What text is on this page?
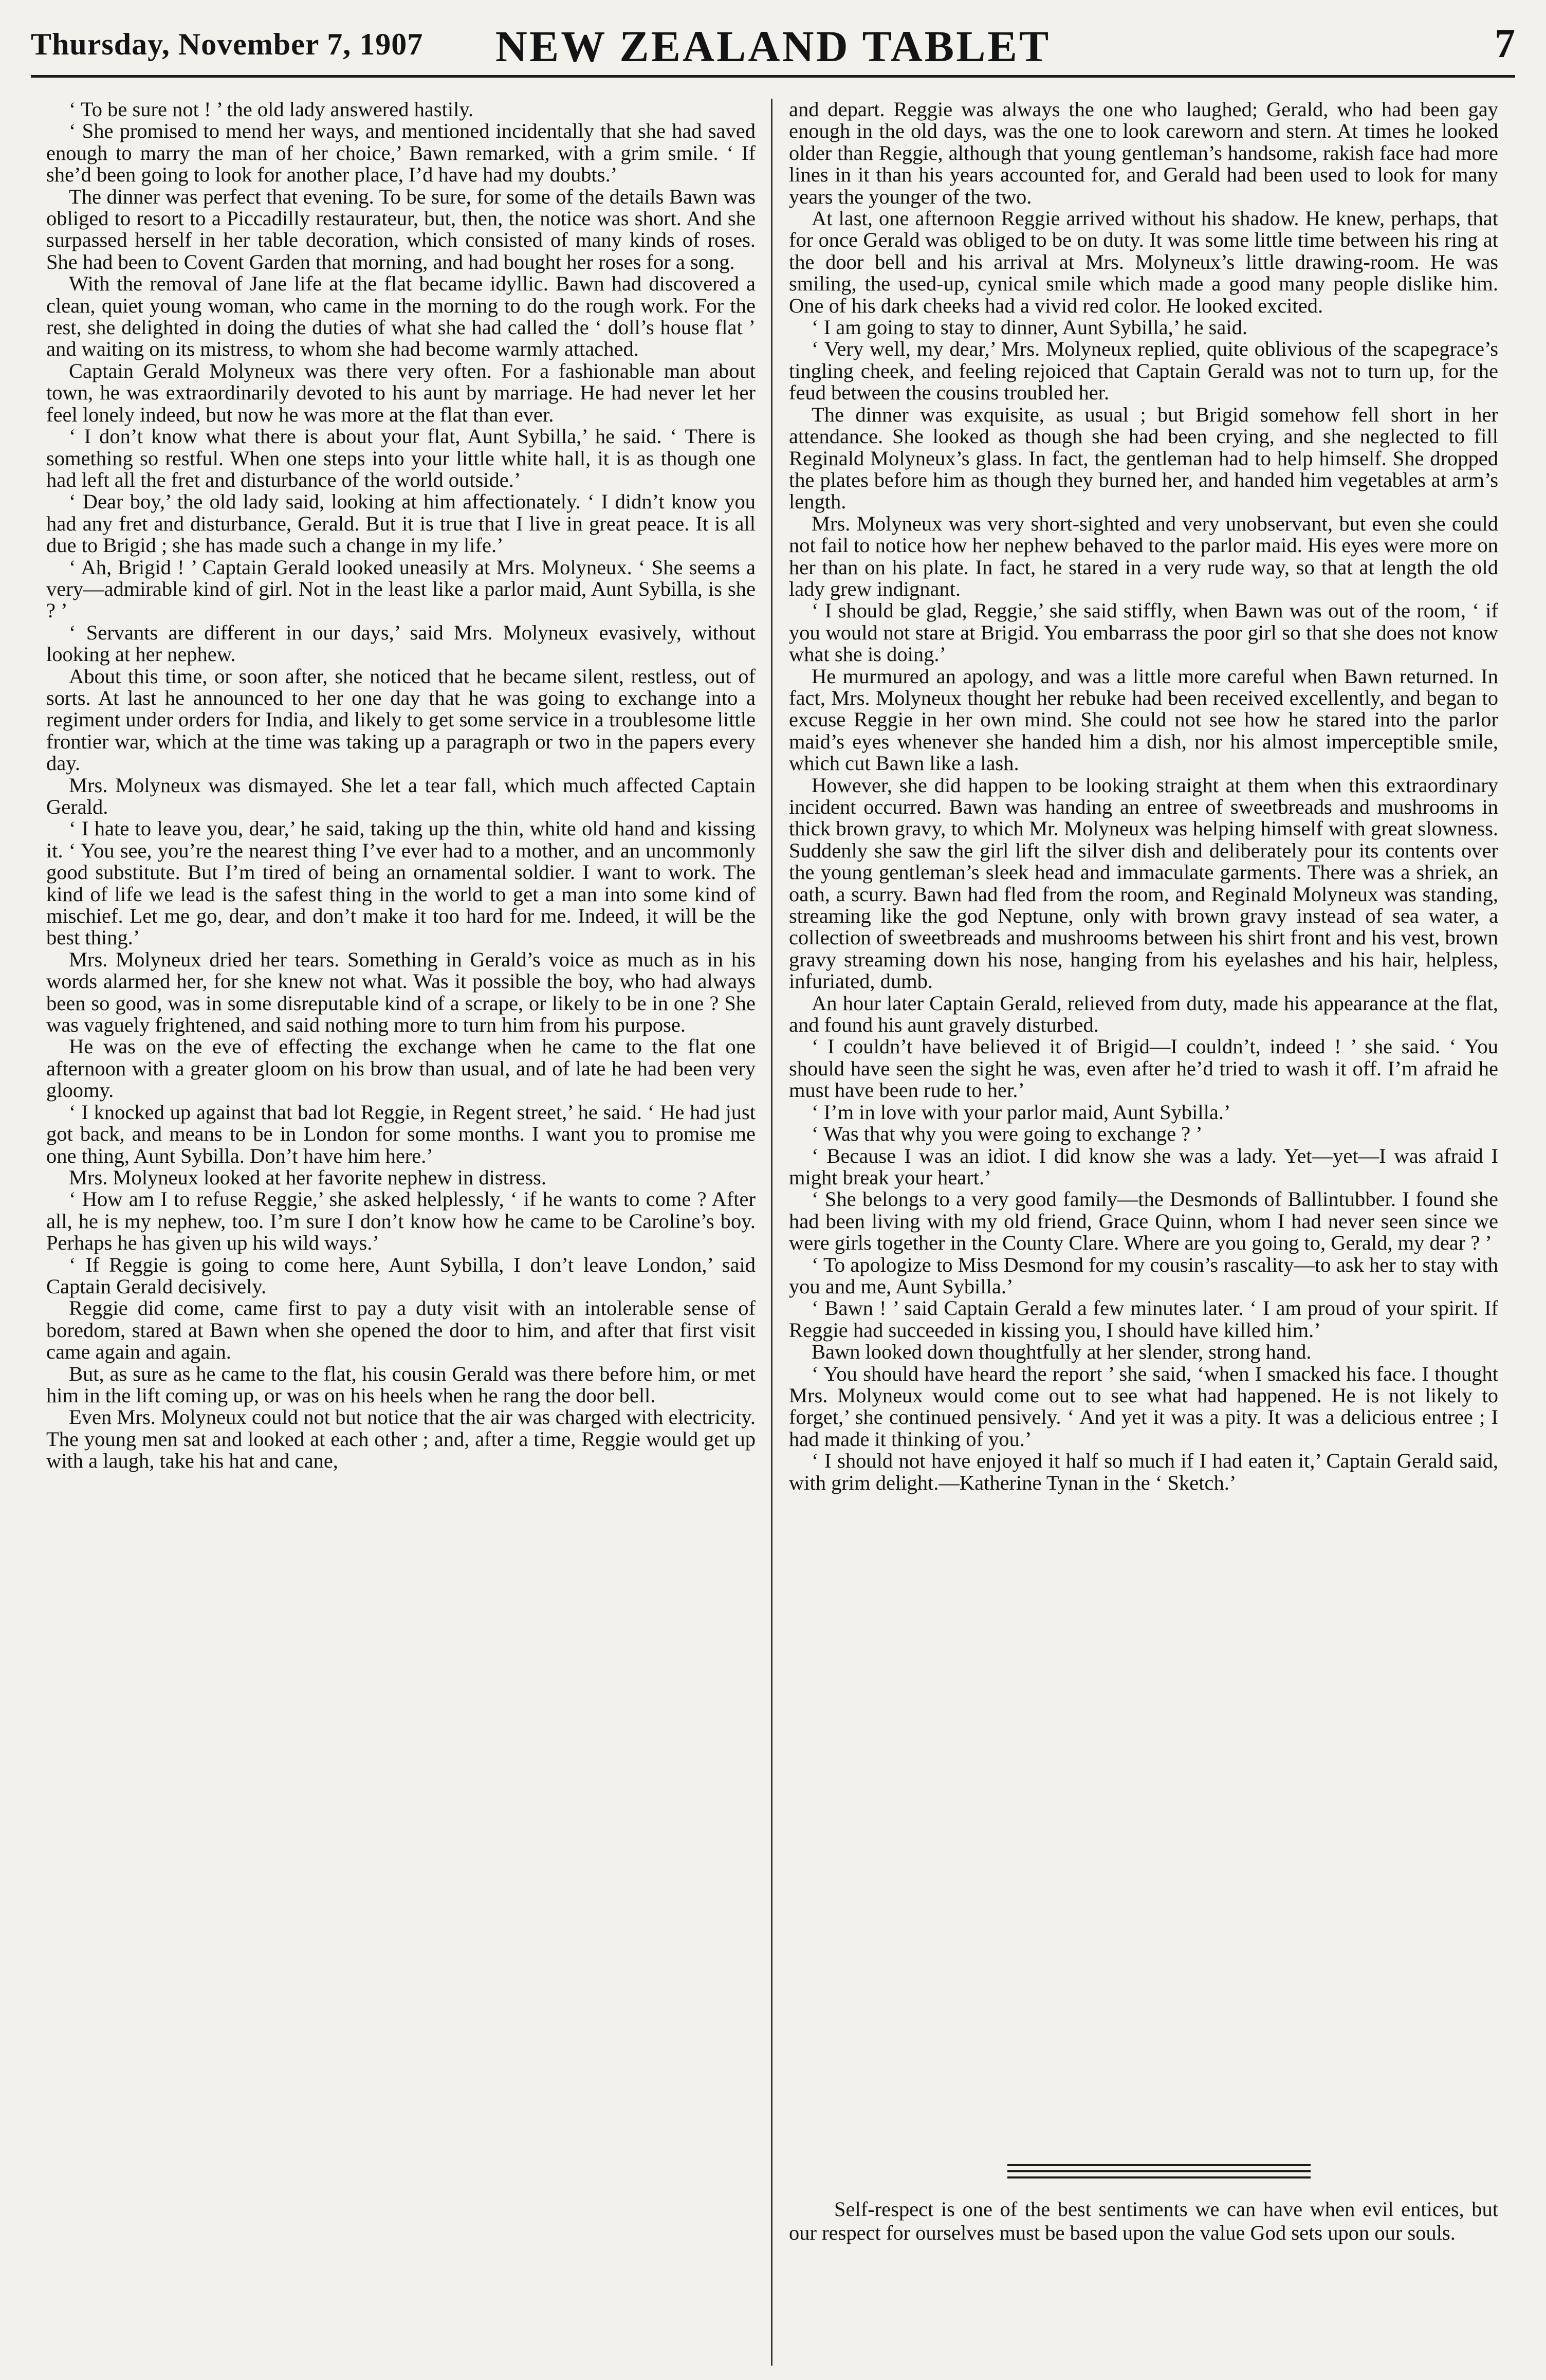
Thursday, November 7, 1907	NEW ZEALAND TABLET	7

‘ To be sure not ! ’ the old lady answered hastily.

‘ She promised to mend her ways, and mentioned incidentally that she had saved enough to marry the man of her choice,’ Bawn remarked, with a grim smile. ‘ If she’d been going to look for another place, I’d have had my doubts.’

The dinner was perfect that evening. To be sure, for some of the details Bawn was obliged to resort to a Piccadilly restaurateur, but, then, the notice was short. And she surpassed herself in her table decoration, which consisted of many kinds of roses. She had been to Covent Garden that morning, and had bought her roses for a song.

With the removal of Jane life at the flat became idyllic. Bawn had discovered a clean, quiet young woman, who came in the morning to do the rough work. For the rest, she delighted in doing the duties of what she had called the ‘ doll’s house flat ’ and waiting on its mistress, to whom she had become warmly attached.

Captain Gerald Molyneux was there very often. For a fashionable man about town, he was extraordinarily devoted to his aunt by marriage. He had never let her feel lonely indeed, but now he was more at the flat than ever.

‘ I don’t know what there is about your flat, Aunt Sybilla,’ he said. ‘ There is something so restful. When one steps into your little white hall, it is as though one had left all the fret and disturbance of the world outside.’

‘ Dear boy,’ the old lady said, looking at him affectionately. ‘ I didn’t know you had any fret and disturbance, Gerald. But it is true that I live in great peace. It is all due to Brigid ; she has made such a change in my life.’

‘ Ah, Brigid ! ’ Captain Gerald looked uneasily at Mrs. Molyneux. ‘ She seems a very—admirable kind of girl. Not in the least like a parlor maid, Aunt Sybilla, is she ? ’

‘ Servants are different in our days,’ said Mrs. Molyneux evasively, without looking at her nephew.

About this time, or soon after, she noticed that he became silent, restless, out of sorts. At last he announced to her one day that he was going to exchange into a regiment under orders for India, and likely to get some service in a troublesome little frontier war, which at the time was taking up a paragraph or two in the papers every day.

Mrs. Molyneux was dismayed. She let a tear fall, which much affected Captain Gerald.

‘ I hate to leave you, dear,’ he said, taking up the thin, white old hand and kissing it. ‘ You see, you’re the nearest thing I’ve ever had to a mother, and an uncommonly good substitute. But I’m tired of being an ornamental soldier. I want to work. The kind of life we lead is the safest thing in the world to get a man into some kind of mischief. Let me go, dear, and don’t make it too hard for me. Indeed, it will be the best thing.’

Mrs. Molyneux dried her tears. Something in Gerald’s voice as much as in his words alarmed her, for she knew not what. Was it possible the boy, who had always been so good, was in some disreputable kind of a scrape, or likely to be in one ? She was vaguely frightened, and said nothing more to turn him from his purpose.

He was on the eve of effecting the exchange when he came to the flat one afternoon with a greater gloom on his brow than usual, and of late he had been very gloomy.

‘ I knocked up against that bad lot Reggie, in Regent street,’ he said. ‘ He had just got back, and means to be in London for some months. I want you to promise me one thing, Aunt Sybilla. Don’t have him here.’

Mrs. Molyneux looked at her favorite nephew in distress.

‘ How am I to refuse Reggie,’ she asked helplessly, ‘ if he wants to come ? After all, he is my nephew, too. I’m sure I don’t know how he came to be Caroline’s boy. Perhaps he has given up his wild ways.’

‘ If Reggie is going to come here, Aunt Sybilla, I don’t leave London,’ said Captain Gerald decisively.

Reggie did come, came first to pay a duty visit with an intolerable sense of boredom, stared at Bawn when she opened the door to him, and after that first visit came again and again.

But, as sure as he came to the flat, his cousin Gerald was there before him, or met him in the lift coming up, or was on his heels when he rang the door bell.

Even Mrs. Molyneux could not but notice that the air was charged with electricity. The young men sat and looked at each other ; and, after a time, Reggie would get up with a laugh, take his hat and cane,

and depart. Reggie was always the one who laughed; Gerald, who had been gay enough in the old days, was the one to look careworn and stern. At times he looked older than Reggie, although that young gentleman’s handsome, rakish face had more lines in it than his years accounted for, and Gerald had been used to look for many years the younger of the two.

At last, one afternoon Reggie arrived without his shadow. He knew, perhaps, that for once Gerald was obliged to be on duty. It was some little time between his ring at the door bell and his arrival at Mrs. Molyneux’s little drawing-room. He was smiling, the used-up, cynical smile which made a good many people dislike him. One of his dark cheeks had a vivid red color. He looked excited.

‘ I am going to stay to dinner, Aunt Sybilla,’ he said.

‘ Very well, my dear,’ Mrs. Molyneux replied, quite oblivious of the scapegrace’s tingling cheek, and feeling rejoiced that Captain Gerald was not to turn up, for the feud between the cousins troubled her.

The dinner was exquisite, as usual ; but Brigid somehow fell short in her attendance. She looked as though she had been crying, and she neglected to fill Reginald Molyneux’s glass. In fact, the gentleman had to help himself. She dropped the plates before him as though they burned her, and handed him vegetables at arm’s length.

Mrs. Molyneux was very short-sighted and very unobservant, but even she could not fail to notice how her nephew behaved to the parlor maid. His eyes were more on her than on his plate. In fact, he stared in a very rude way, so that at length the old lady grew indignant.

‘ I should be glad, Reggie,’ she said stiffly, when Bawn was out of the room, ‘ if you would not stare at Brigid. You embarrass the poor girl so that she does not know what she is doing.’

He murmured an apology, and was a little more careful when Bawn returned. In fact, Mrs. Molyneux thought her rebuke had been received excellently, and began to excuse Reggie in her own mind. She could not see how he stared into the parlor maid’s eyes whenever she handed him a dish, nor his almost imperceptible smile, which cut Bawn like a lash.

However, she did happen to be looking straight at them when this extraordinary incident occurred. Bawn was handing an entree of sweetbreads and mushrooms in thick brown gravy, to which Mr. Molyneux was helping himself with great slowness. Suddenly she saw the girl lift the silver dish and deliberately pour its contents over the young gentleman’s sleek head and immaculate garments. There was a shriek, an oath, a scurry. Bawn had fled from the room, and Reginald Molyneux was standing, streaming like the god Neptune, only with brown gravy instead of sea water, a collection of sweetbreads and mushrooms between his shirt front and his vest, brown gravy streaming down his nose, hanging from his eyelashes and his hair, helpless, infuriated, dumb.

An hour later Captain Gerald, relieved from duty, made his appearance at the flat, and found his aunt gravely disturbed.

‘ I couldn’t have believed it of Brigid—I couldn’t, indeed ! ’ she said. ‘ You should have seen the sight he was, even after he’d tried to wash it off. I’m afraid he must have been rude to her.’

‘ I’m in love with your parlor maid, Aunt Sybilla.’

‘ Was that why you were going to exchange ? ’

‘ Because I was an idiot. I did know she was a lady. Yet—yet—I was afraid I might break your heart.’

‘ She belongs to a very good family—the Desmonds of Ballintubber. I found she had been living with my old friend, Grace Quinn, whom I had never seen since we were girls together in the County Clare. Where are you going to, Gerald, my dear ? ’

‘ To apologize to Miss Desmond for my cousin’s rascality—to ask her to stay with you and me, Aunt Sybilla.’

‘ Bawn ! ’ said Captain Gerald a few minutes later. ‘ I am proud of your spirit. If Reggie had succeeded in kissing you, I should have killed him.’

Bawn looked down thoughtfully at her slender, strong hand.

‘ You should have heard the report ’ she said, ‘when I smacked his face. I thought Mrs. Molyneux would come out to see what had happened. He is not likely to forget,’ she continued pensively. ‘ And yet it was a pity. It was a delicious entree ; I had made it thinking of you.’

‘ I should not have enjoyed it half so much if I had eaten it,’ Captain Gerald said, with grim delight.—Katherine Tynan in the ‘ Sketch.’

Self-respect is one of the best sentiments we can have when evil entices, but our respect for ourselves must be based upon the value God sets upon our souls.
